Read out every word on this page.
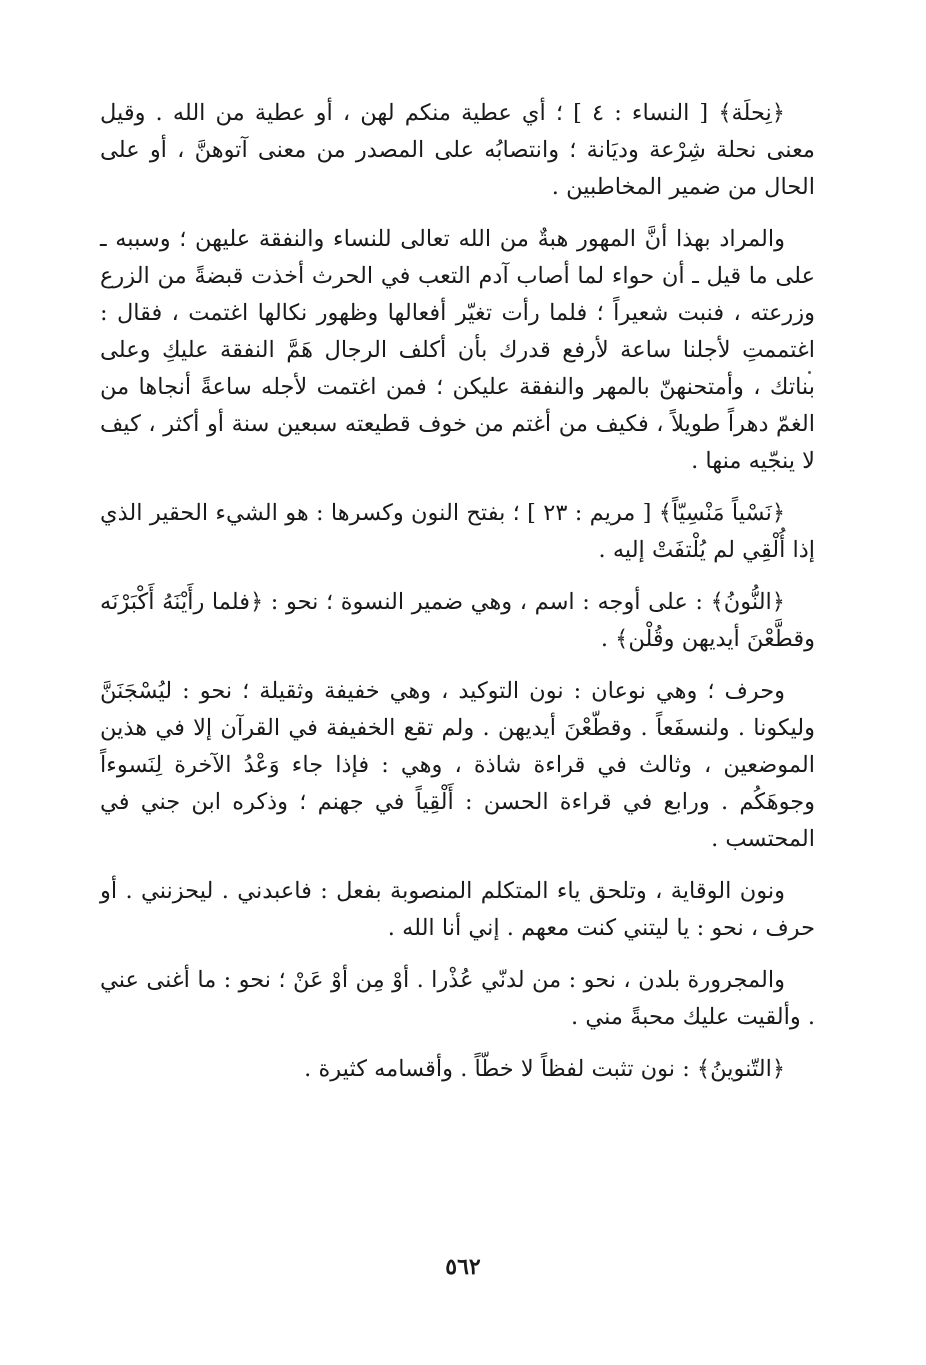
﴿نِحلَة﴾ [ النساء : ٤ ] ؛ أي عطية منكم لهن ، أو عطية من الله . وقيل معنى نحلة شِرْعة وديَانة ؛ وانتصابُه على المصدر من معنى آتوهنَّ ، أو على الحال من ضمير المخاطبين .

والمراد بهذا أنَّ المهور هبةٌ من الله تعالى للنساء والنفقة عليهن ؛ وسببه ـ على ما قيل ـ أن حواء لما أصاب آدم التعب في الحرث أخذت قبضةً من الزرع وزرعته ، فنبت شعيراً ؛ فلما رأت تغيّر أفعالها وظهور نكالها اغتمت ، فقال : اغتممتِ لأجلنا ساعة لأرفع قدرك بأن أكلف الرجال هَمَّ النفقة عليكِ وعلى بناتك ، وأمتحنهنّ بالمهر والنفقة عليكن ؛ فمن اغتمت لأجله ساعةً أنجاها من الغمّ دهراً طويلاً ، فكيف من أغتم من خوف قطيعته سبعين سنة أو أكثر ، كيف لا ينجّيه منها .

﴿نَسْياً مَنْسِيّاً﴾ [ مريم : ٢٣ ] ؛ بفتح النون وكسرها : هو الشيء الحقير الذي إذا أُلْقِي لم يُلْتفَتْ إليه .

﴿النُّونُ﴾ : على أوجه : اسم ، وهي ضمير النسوة ؛ نحو : ﴿فلما رأَيْنَهُ أَكْبَرْنَه وقطَّعْنَ أيديهن وقُلْن﴾ .

وحرف ؛ وهي نوعان : نون التوكيد ، وهي خفيفة وثقيلة ؛ نحو : ليُسْجَنَنَّ وليكونا . ولنسفَعاً . وقطّعْنَ أيديهن . ولم تقع الخفيفة في القرآن إلا في هذين الموضعين ، وثالث في قراءة شاذة ، وهي : فإذا جاء وَعْدُ الآخرة لِنَسوءاً وجوهَكُم . ورابع في قراءة الحسن : أَلْقِياً في جهنم ؛ وذكره ابن جني في المحتسب .

ونون الوقاية ، وتلحق ياء المتكلم المنصوبة بفعل : فاعبدني . ليحزنني . أو حرف ، نحو : يا ليتني كنت معهم . إني أنا الله .

والمجرورة بلدن ، نحو : من لدنّي عُذْرا . أوْ مِن أوْ عَنْ ؛ نحو : ما أغنى عني . وألقيت عليك محبةً مني .

﴿التّنوينُ﴾ : نون تثبت لفظاً لا خطّاً . وأقسامه كثيرة .

٥٦٢
